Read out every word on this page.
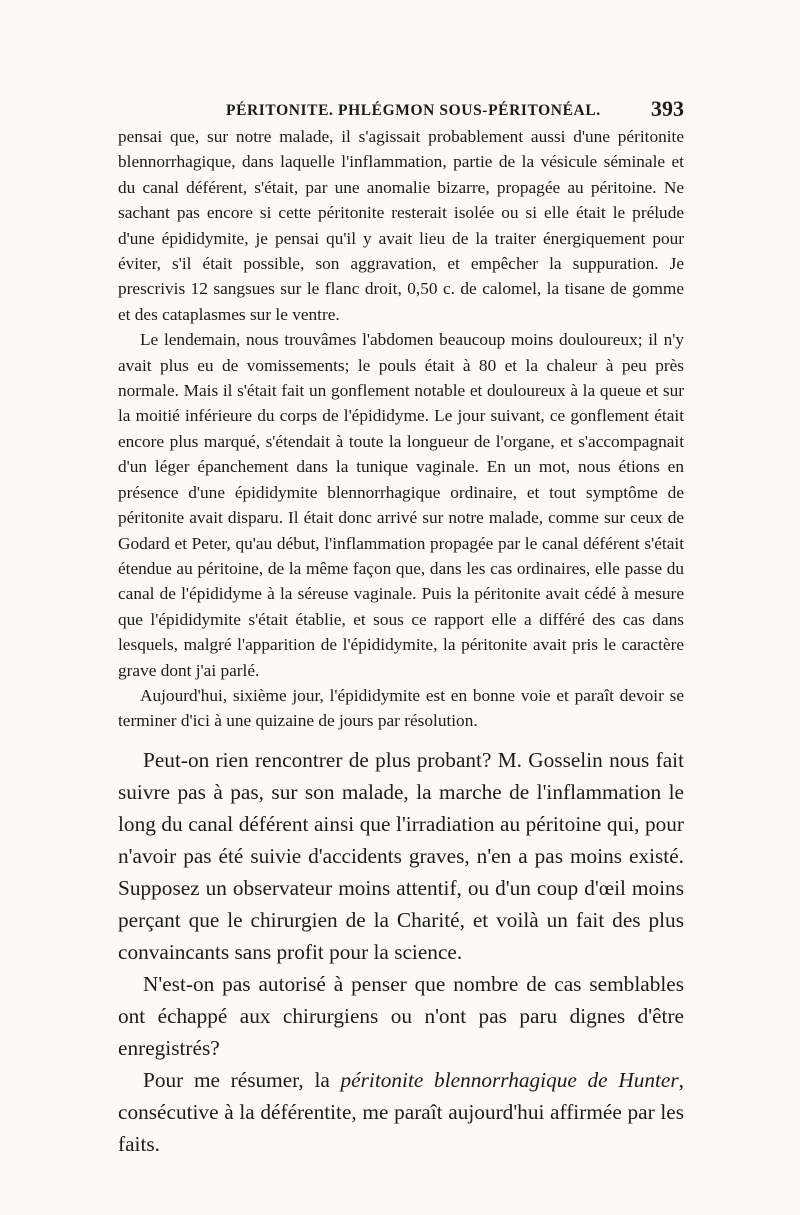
PÉRITONITE. PHLÉGMON SOUS-PÉRITONÉAL. 393

pensai que, sur notre malade, il s'agissait probablement aussi d'une péritonite blennorrhagique, dans laquelle l'inflammation, partie de la vésicule séminale et du canal déférent, s'était, par une anomalie bizarre, propagée au péritoine. Ne sachant pas encore si cette péritonite resterait isolée ou si elle était le prélude d'une épididymite, je pensai qu'il y avait lieu de la traiter énergiquement pour éviter, s'il était possible, son aggravation, et empêcher la suppuration. Je prescrivis 12 sangsues sur le flanc droit, 0,50 c. de calomel, la tisane de gomme et des cataplasmes sur le ventre.

Le lendemain, nous trouvâmes l'abdomen beaucoup moins douloureux; il n'y avait plus eu de vomissements; le pouls était à 80 et la chaleur à peu près normale. Mais il s'était fait un gonflement notable et douloureux à la queue et sur la moitié inférieure du corps de l'épididyme. Le jour suivant, ce gonflement était encore plus marqué, s'étendait à toute la longueur de l'organe, et s'accompagnait d'un léger épanchement dans la tunique vaginale. En un mot, nous étions en présence d'une épididymite blennorrhagique ordinaire, et tout symptôme de péritonite avait disparu. Il était donc arrivé sur notre malade, comme sur ceux de Godard et Peter, qu'au début, l'inflammation propagée par le canal déférent s'était étendue au péritoine, de la même façon que, dans les cas ordinaires, elle passe du canal de l'épididyme à la séreuse vaginale. Puis la péritonite avait cédé à mesure que l'épididymite s'était établie, et sous ce rapport elle a différé des cas dans lesquels, malgré l'apparition de l'épididymite, la péritonite avait pris le caractère grave dont j'ai parlé.

Aujourd'hui, sixième jour, l'épididymite est en bonne voie et paraît devoir se terminer d'ici à une quizaine de jours par résolution.

Peut-on rien rencontrer de plus probant? M. Gosselin nous fait suivre pas à pas, sur son malade, la marche de l'inflammation le long du canal déférent ainsi que l'irradiation au péritoine qui, pour n'avoir pas été suivie d'accidents graves, n'en a pas moins existé. Supposez un observateur moins attentif, ou d'un coup d'œil moins perçant que le chirurgien de la Charité, et voilà un fait des plus convaincants sans profit pour la science.

N'est-on pas autorisé à penser que nombre de cas semblables ont échappé aux chirurgiens ou n'ont pas paru dignes d'être enregistrés?

Pour me résumer, la péritonite blennorrhagique de Hunter, consécutive à la déférentite, me paraît aujourd'hui affirmée par les faits.
